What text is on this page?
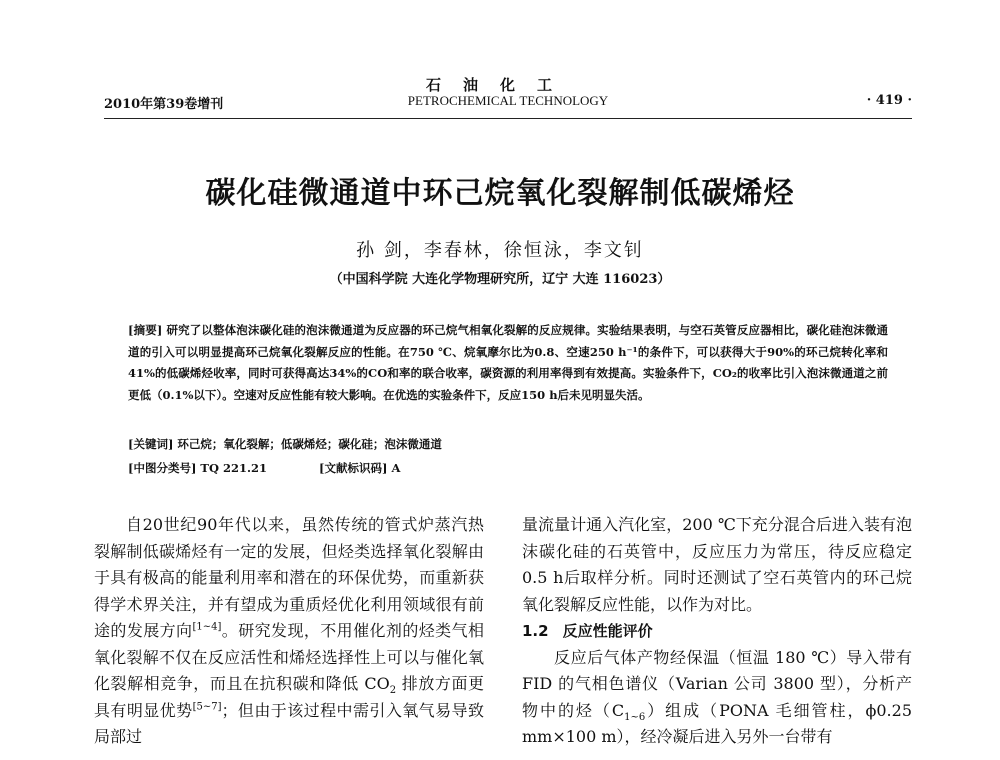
石油化工
2010年第39卷增刊	PETROCHEMICAL TECHNOLOGY	· 419 ·
碳化硅微通道中环己烷氧化裂解制低碳烯烃
孙 剑，李春林，徐恒泳，李文钊
（中国科学院 大连化学物理研究所，辽宁 大连 116023）
[摘要] 研究了以整体泡沫碳化硅的泡沫微通道为反应器的环己烷气相氧化裂解的反应规律。实验结果表明，与空石英管反应器相比，碳化硅泡沫微通道的引入可以明显提高环己烷氧化裂解反应的性能。在750 ℃、烷氧摩尔比为0.8、空速250 h⁻¹的条件下，可以获得大于90%的环己烷转化率和41%的低碳烯烃收率，同时可获得高达34%的CO和率的联合收率，碳资源的利用率得到有效提高。实验条件下，CO₂的收率比引入泡沫微通道之前更低（0.1%以下）。空速对反应性能有较大影响。在优选的实验条件下，反应150 h后未见明显失活。
[关键词] 环己烷；氧化裂解；低碳烯烃；碳化硅；泡沫微通道
[中图分类号] TQ 221.21	[文献标识码] A

自20世纪90年代以来，虽然传统的管式炉蒸汽热裂解制低碳烯烃有一定的发展，但烃类选择氧化裂解由于具有极高的能量利用率和潜在的环保优势，而重新获得学术界关注，并有望成为重质烃优化利用领域很有前途的发展方向[1~4]。研究发现，不用催化剂的烃类气相氧化裂解不仅在反应活性和烯烃选择性上可以与催化氧化裂解相竞争，而且在抗积碳和降低 $CO_2$ 排放方面更具有明显优势[5~7]；但由于该过程中需引入氧气易导致局部过

量流量计通入汽化室，200 ℃下充分混合后进入装有泡沫碳化硅的石英管中，反应压力为常压，待反应稳定0.5 h后取样分析。同时还测试了空石英管内的环己烷氧化裂解反应性能，以作为对比。

1.2 反应性能评价

反应后气体产物经保温（恒温 180 ℃）导入带有 FID 的气相色谱仪（Varian 公司 3800 型），分析产物中的烃$(C_{1\sim 6})$组成（PONA 毛细管柱，ϕ0.25 mm×100 m），经冷凝后进入另外一台带有
